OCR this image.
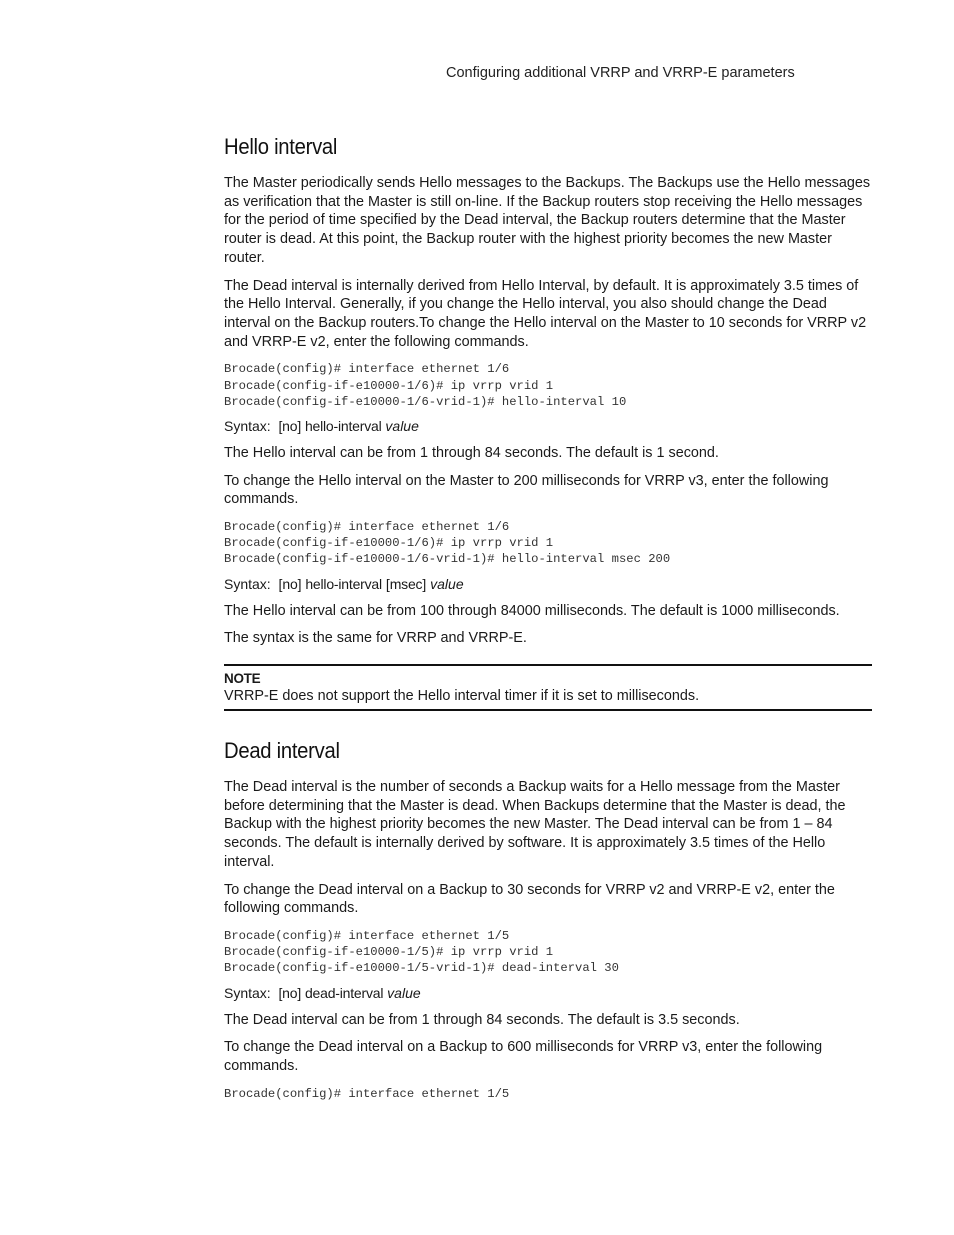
Configuring additional VRRP and VRRP-E parameters
Hello interval

The Master periodically sends Hello messages to the Backups. The Backups use the Hello messages as verification that the Master is still on-line. If the Backup routers stop receiving the Hello messages for the period of time specified by the Dead interval, the Backup routers determine that the Master router is dead. At this point, the Backup router with the highest priority becomes the new Master router.

The Dead interval is internally derived from Hello Interval, by default. It is approximately 3.5 times of the Hello Interval. Generally, if you change the Hello interval, you also should change the Dead interval on the Backup routers.To change the Hello interval on the Master to 10 seconds for VRRP v2 and VRRP-E v2, enter the following commands.

Brocade(config)# interface ethernet 1/6
Brocade(config-if-e10000-1/6)# ip vrrp vrid 1
Brocade(config-if-e10000-1/6-vrid-1)# hello-interval 10
Syntax: [no] hello-interval value

The Hello interval can be from 1 through 84 seconds. The default is 1 second.

To change the Hello interval on the Master to 200 milliseconds for VRRP v3, enter the following commands.

Brocade(config)# interface ethernet 1/6
Brocade(config-if-e10000-1/6)# ip vrrp vrid 1
Brocade(config-if-e10000-1/6-vrid-1)# hello-interval msec 200
Syntax: [no] hello-interval [msec] value

The Hello interval can be from 100 through 84000 milliseconds. The default is 1000 milliseconds.

The syntax is the same for VRRP and VRRP-E.

NOTE
VRRP-E does not support the Hello interval timer if it is set to milliseconds.
Dead interval

The Dead interval is the number of seconds a Backup waits for a Hello message from the Master before determining that the Master is dead. When Backups determine that the Master is dead, the Backup with the highest priority becomes the new Master. The Dead interval can be from 1 – 84 seconds. The default is internally derived by software. It is approximately 3.5 times of the Hello interval.

To change the Dead interval on a Backup to 30 seconds for VRRP v2 and VRRP-E v2, enter the following commands.

Brocade(config)# interface ethernet 1/5
Brocade(config-if-e10000-1/5)# ip vrrp vrid 1
Brocade(config-if-e10000-1/5-vrid-1)# dead-interval 30
Syntax: [no] dead-interval value

The Dead interval can be from 1 through 84 seconds. The default is 3.5 seconds.

To change the Dead interval on a Backup to 600 milliseconds for VRRP v3, enter the following commands.

Brocade(config)# interface ethernet 1/5
